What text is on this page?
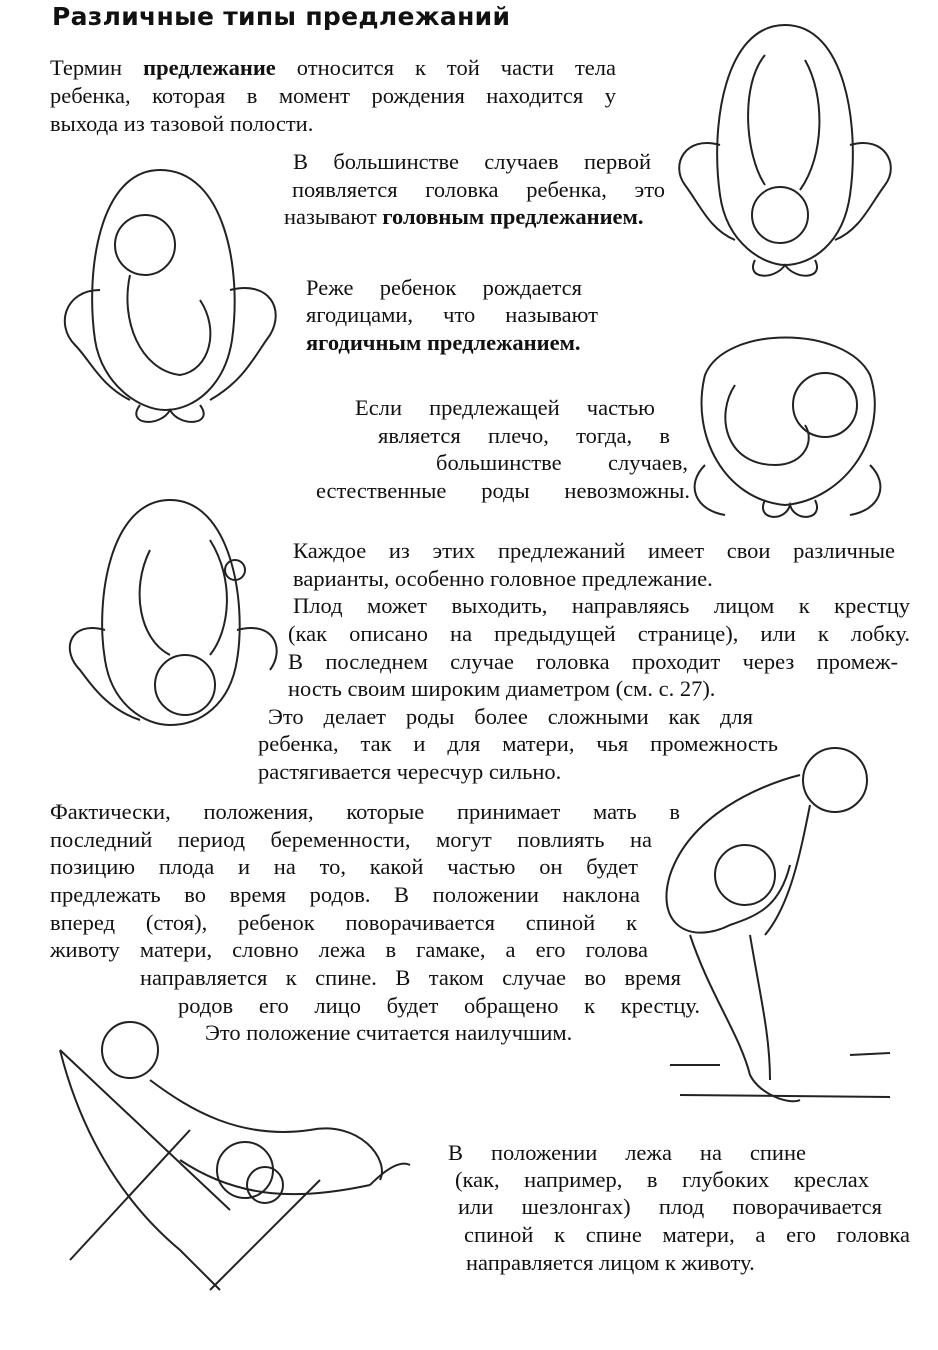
Различные типы предлежаний
Термин предлежание относится к той части тела
ребенка, которая в момент рождения находится у
выхода из тазовой полости.
В большинстве случаев первой
появляется головка ребенка, это
называют головным предлежанием.
Реже ребенок рождается
ягодицами, что называют
ягодичным предлежанием.
Если предлежащей частью
является плечо, тогда, в
большинстве случаев,
естественные роды невозможны.
Каждое из этих предлежаний имеет свои различные
варианты, особенно головное предлежание.
Плод может выходить, направляясь лицом к крестцу
(как описано на предыдущей странице), или к лобку.
В последнем случае головка проходит через промеж-
ность своим широким диаметром (см. с. 27).
Это делает роды более сложными как для
ребенка, так и для матери, чья промежность
растягивается чересчур сильно.
Фактически, положения, которые принимает мать в
последний период беременности, могут повлиять на
позицию плода и на то, какой частью он будет
предлежать во время родов. В положении наклона
вперед (стоя), ребенок поворачивается спиной к
животу матери, словно лежа в гамаке, а его голова
направляется к спине. В таком случае во время
родов его лицо будет обращено к крестцу.
Это положение считается наилучшим.
В положении лежа на спине
(как, например, в глубоких креслах
или шезлонгах) плод поворачивается
спиной к спине матери, а его головка
направляется лицом к животу.
